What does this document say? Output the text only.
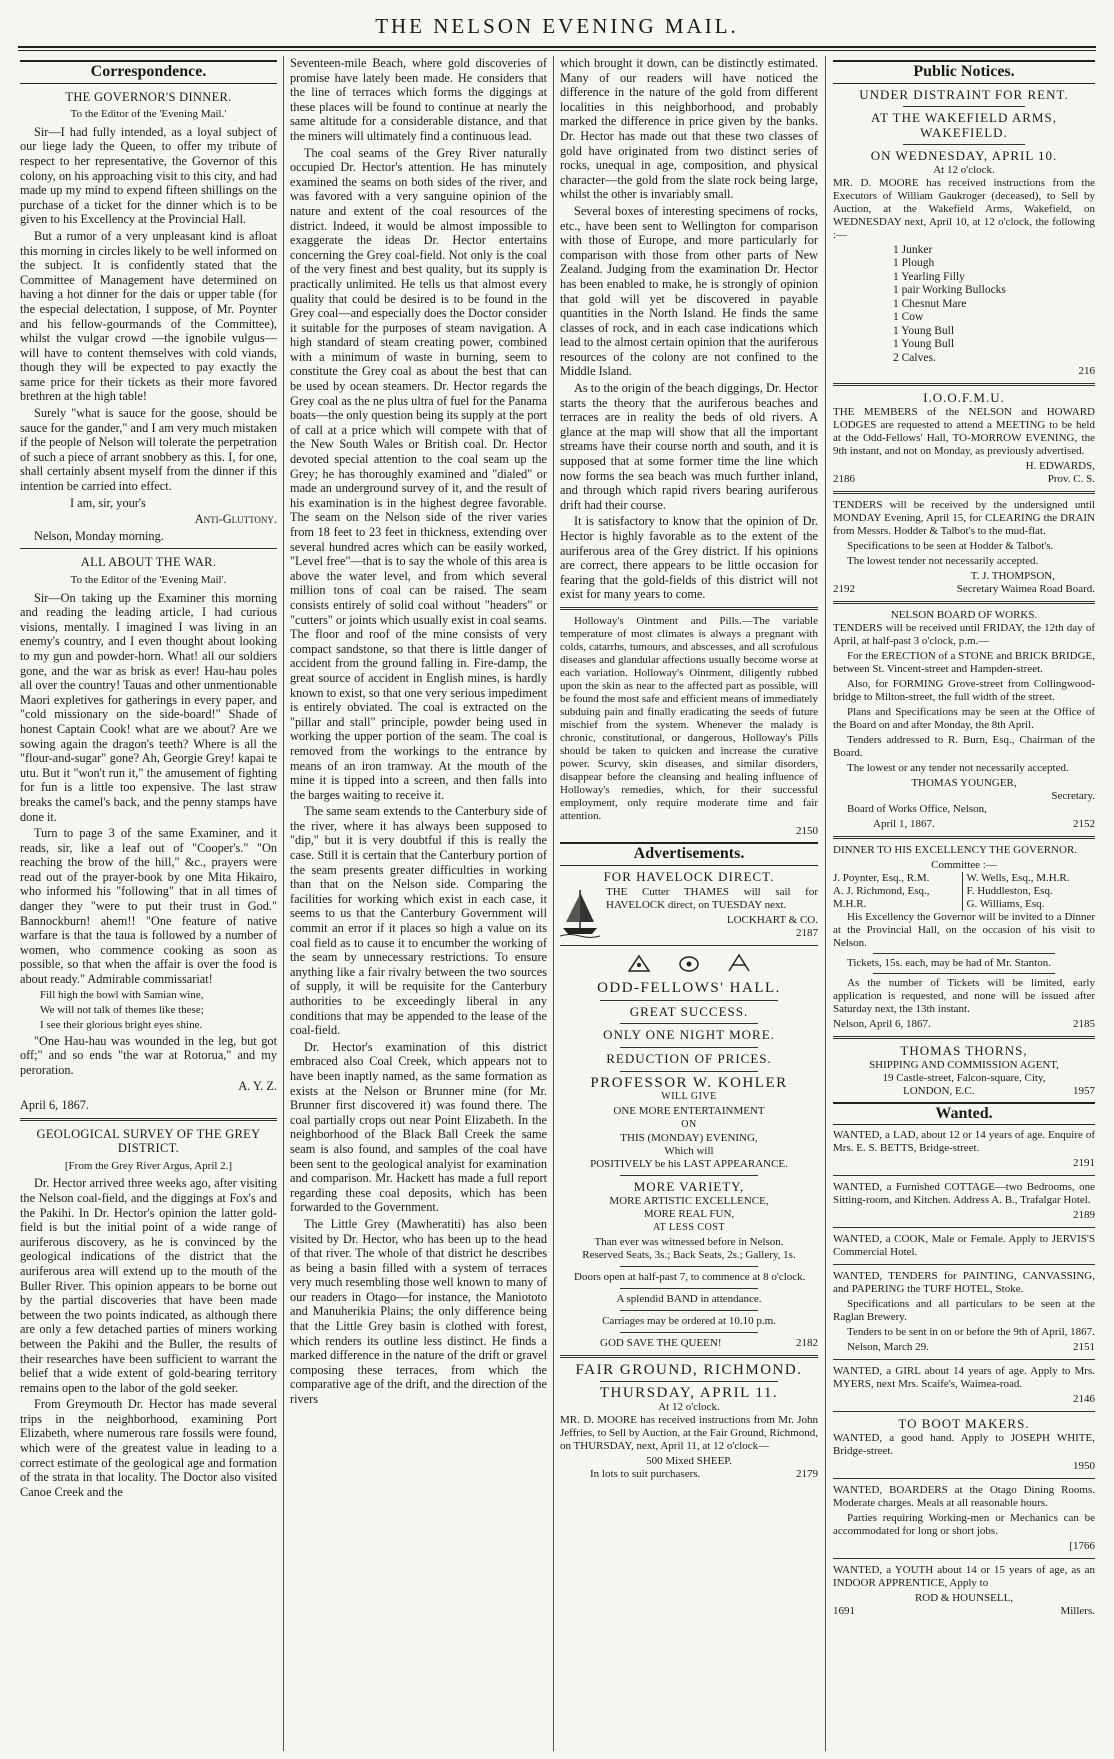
THE NELSON EVENING MAIL.
Correspondence.
THE GOVERNOR'S DINNER.
To the Editor of the 'Evening Mail.'

Sir—I had fully intended, as a loyal subject of our liege lady the Queen, to offer my tribute of respect to her representative, the Governor of this colony, on his approaching visit to this city, and had made up my mind to expend fifteen shillings on the purchase of a ticket for the dinner which is to be given to his Excellency at the Provincial Hall.

But a rumor of a very unpleasant kind is afloat this morning in circles likely to be well informed on the subject. It is confidently stated that the Committee of Management have determined on having a hot dinner for the dais or upper table (for the especial delectation, I suppose, of Mr. Poynter and his fellow-gourmands of the Committee), whilst the vulgar crowd —the ignobile vulgus—will have to content themselves with cold viands, though they will be expected to pay exactly the same price for their tickets as their more favored brethren at the high table!

Surely "what is sauce for the goose, should be sauce for the gander," and I am very much mistaken if the people of Nelson will tolerate the perpetration of such a piece of arrant snobbery as this. I, for one, shall certainly absent myself from the dinner if this intention be carried into effect.

I am, sir, your's

Anti-Gluttony.

Nelson, Monday morning.

ALL ABOUT THE WAR.
To the Editor of the 'Evening Mail'.

Sir—On taking up the Examiner this morning and reading the leading article, I had curious visions, mentally. I imagined I was living in an enemy's country, and I even thought about looking to my gun and powder-horn. What! all our soldiers gone, and the war as brisk as ever! Hau-hau poles all over the country! Tauas and other unmentionable Maori expletives for gatherings in every paper, and "cold missionary on the side-board!" Shade of honest Captain Cook! what are we about? Are we sowing again the dragon's teeth? Where is all the "flour-and-sugar" gone? Ah, Georgie Grey! kapai te utu. But it "won't run it," the amusement of fighting for fun is a little too expensive. The last straw breaks the camel's back, and the penny stamps have done it.

Turn to page 3 of the same Examiner, and it reads, sir, like a leaf out of "Cooper's." "On reaching the brow of the hill," &c., prayers were read out of the prayer-book by one Mita Hikairo, who informed his "following" that in all times of danger they "were to put their trust in God." Bannockburn! ahem!! "One feature of native warfare is that the taua is followed by a number of women, who commence cooking as soon as possible, so that when the affair is over the food is about ready." Admirable commissariat!

Fill high the bowl with Samian wine,

We will not talk of themes like these;

I see their glorious bright eyes shine.

"One Hau-hau was wounded in the leg, but got off;" and so ends "the war at Rotorua," and my peroration.

A. Y. Z.

April 6, 1867.

GEOLOGICAL SURVEY OF THE GREY DISTRICT.
[From the Grey River Argus, April 2.]

Dr. Hector arrived three weeks ago, after visiting the Nelson coal-field, and the diggings at Fox's and the Pakihi. In Dr. Hector's opinion the latter gold-field is but the initial point of a wide range of auriferous discovery, as he is convinced by the geological indications of the district that the auriferous area will extend up to the mouth of the Buller River. This opinion appears to be borne out by the partial discoveries that have been made between the two points indicated, as although there are only a few detached parties of miners working between the Pakihi and the Buller, the results of their researches have been sufficient to warrant the belief that a wide extent of gold-bearing territory remains open to the labor of the gold seeker.

From Greymouth Dr. Hector has made several trips in the neighborhood, examining Port Elizabeth, where numerous rare fossils were found, which were of the greatest value in leading to a correct estimate of the geological age and formation of the strata in that locality. The Doctor also visited Canoe Creek and the

Seventeen-mile Beach, where gold discoveries of promise have lately been made. He considers that the line of terraces which forms the diggings at these places will be found to continue at nearly the same altitude for a considerable distance, and that the miners will ultimately find a continuous lead.

The coal seams of the Grey River naturally occupied Dr. Hector's attention. He has minutely examined the seams on both sides of the river, and was favored with a very sanguine opinion of the nature and extent of the coal resources of the district. Indeed, it would be almost impossible to exaggerate the ideas Dr. Hector entertains concerning the Grey coal-field. Not only is the coal of the very finest and best quality, but its supply is practically unlimited. He tells us that almost every quality that could be desired is to be found in the Grey coal—and especially does the Doctor consider it suitable for the purposes of steam navigation. A high standard of steam creating power, combined with a minimum of waste in burning, seem to constitute the Grey coal as about the best that can be used by ocean steamers. Dr. Hector regards the Grey coal as the ne plus ultra of fuel for the Panama boats—the only question being its supply at the port of call at a price which will compete with that of the New South Wales or British coal. Dr. Hector devoted special attention to the coal seam up the Grey; he has thoroughly examined and "dialed" or made an underground survey of it, and the result of his examination is in the highest degree favorable. The seam on the Nelson side of the river varies from 18 feet to 23 feet in thickness, extending over several hundred acres which can be easily worked, "Level free"—that is to say the whole of this area is above the water level, and from which several million tons of coal can be raised. The seam consists entirely of solid coal without "headers" or "cutters" or joints which usually exist in coal seams. The floor and roof of the mine consists of very compact sandstone, so that there is little danger of accident from the ground falling in. Fire-damp, the great source of accident in English mines, is hardly known to exist, so that one very serious impediment is entirely obviated. The coal is extracted on the "pillar and stall" principle, powder being used in working the upper portion of the seam. The coal is removed from the workings to the entrance by means of an iron tramway. At the mouth of the mine it is tipped into a screen, and then falls into the barges waiting to receive it.

The same seam extends to the Canterbury side of the river, where it has always been supposed to "dip," but it is very doubtful if this is really the case. Still it is certain that the Canterbury portion of the seam presents greater difficulties in working than that on the Nelson side. Comparing the facilities for working which exist in each case, it seems to us that the Canterbury Government will commit an error if it places so high a value on its coal field as to cause it to encumber the working of the seam by unnecessary restrictions. To ensure anything like a fair rivalry between the two sources of supply, it will be requisite for the Canterbury authorities to be exceedingly liberal in any conditions that may be appended to the lease of the coal-field.

Dr. Hector's examination of this district embraced also Coal Creek, which appears not to have been inaptly named, as the same formation as exists at the Nelson or Brunner mine (for Mr. Brunner first discovered it) was found there. The coal partially crops out near Point Elizabeth. In the neighborhood of the Black Ball Creek the same seam is also found, and samples of the coal have been sent to the geological analyist for examination and comparison. Mr. Hackett has made a full report regarding these coal deposits, which has been forwarded to the Government.

The Little Grey (Mawheratiti) has also been visited by Dr. Hector, who has been up to the head of that river. The whole of that district he describes as being a basin filled with a system of terraces very much resembling those well known to many of our readers in Otago—for instance, the Maniototo and Manuherikia Plains; the only difference being that the Little Grey basin is clothed with forest, which renders its outline less distinct. He finds a marked difference in the nature of the drift or gravel composing these terraces, from which the comparative age of the drift, and the direction of the rivers

which brought it down, can be distinctly estimated. Many of our readers will have noticed the difference in the nature of the gold from different localities in this neighborhood, and probably marked the difference in price given by the banks. Dr. Hector has made out that these two classes of gold have originated from two distinct series of rocks, unequal in age, composition, and physical character—the gold from the slate rock being large, whilst the other is invariably small.

Several boxes of interesting specimens of rocks, etc., have been sent to Wellington for comparison with those of Europe, and more particularly for comparison with those from other parts of New Zealand. Judging from the examination Dr. Hector has been enabled to make, he is strongly of opinion that gold will yet be discovered in payable quantities in the North Island. He finds the same classes of rock, and in each case indications which lead to the almost certain opinion that the auriferous resources of the colony are not confined to the Middle Island.

As to the origin of the beach diggings, Dr. Hector starts the theory that the auriferous beaches and terraces are in reality the beds of old rivers. A glance at the map will show that all the important streams have their course north and south, and it is supposed that at some former time the line which now forms the sea beach was much further inland, and through which rapid rivers bearing auriferous drift had their course.

It is satisfactory to know that the opinion of Dr. Hector is highly favorable as to the extent of the auriferous area of the Grey district. If his opinions are correct, there appears to be little occasion for fearing that the gold-fields of this district will not exist for many years to come.

Holloway's Ointment and Pills.—The variable temperature of most climates is always a pregnant with colds, catarrhs, tumours, and abscesses, and all scrofulous diseases and glandular affections usually become worse at each variation. Holloway's Ointment, diligently rubbed upon the skin as near to the affected part as possible, will be found the most safe and efficient means of immediately subduing pain and finally eradicating the seeds of future mischief from the system. Whenever the malady is chronic, constitutional, or dangerous, Holloway's Pills should be taken to quicken and increase the curative power. Scurvy, skin diseases, and similar disorders, disappear before the cleansing and healing influence of Holloway's remedies, which, for their successful employment, only require moderate time and fair attention.

2150
Advertisements.
FOR HAVELOCK DIRECT.

THE Cutter THAMES will sail for HAVELOCK direct, on TUESDAY next.

LOCKHART & CO.
2187
ODD-FELLOWS' HALL.
GREAT SUCCESS.
ONLY ONE NIGHT MORE.
REDUCTION OF PRICES.
PROFESSOR W. KOHLER
WILL GIVE
ONE MORE ENTERTAINMENT
ON
THIS (MONDAY) EVENING,
Which will
POSITIVELY be his LAST APPEARANCE.
MORE VARIETY,
MORE ARTISTIC EXCELLENCE,
MORE REAL FUN,
AT LESS COST
Than ever was witnessed before in Nelson.
Reserved Seats, 3s.; Back Seats, 2s.; Gallery, 1s.

Doors open at half-past 7, to commence at 8 o'clock.

A splendid BAND in attendance.
Carriages may be ordered at 10.10 p.m.
GOD SAVE THE QUEEN!	2182
FAIR GROUND, RICHMOND.
THURSDAY, APRIL 11.
At 12 o'clock.

MR. D. MOORE has received instructions from Mr. John Jeffries, to Sell by Auction, at the Fair Ground, Richmond, on THURSDAY, next, April 11, at 12 o'clock—

500 Mixed SHEEP.
In lots to suit purchasers.	2179
Public Notices.
UNDER DISTRAINT FOR RENT.
AT THE WAKEFIELD ARMS,
WAKEFIELD.
ON WEDNESDAY, APRIL 10.
At 12 o'clock.

MR. D. MOORE has received instructions from the Executors of William Gaukroger (deceased), to Sell by Auction, at the Wakefield Arms, Wakefield, on WEDNESDAY next, April 10, at 12 o'clock, the following :—

1 Junker
1 Plough
1 Yearling Filly
1 pair Working Bullocks
1 Chesnut Mare
1 Cow
1 Young Bull
1 Young Bull
2 Calves.
216
I.O.O.F.M.U.

THE MEMBERS of the NELSON and HOWARD LODGES are requested to attend a MEETING to be held at the Odd-Fellows' Hall, TO-MORROW EVENING, the 9th instant, and not on Monday, as previously advertised.

H. EDWARDS,
2186	Prov. C. S.

TENDERS will be received by the undersigned until MONDAY Evening, April 15, for CLEARING the DRAIN from Messrs. Hodder & Talbot's to the mud-flat.

Specifications to be seen at Hodder & Talbot's.

The lowest tender not necessarily accepted.

T. J. THOMPSON,
2192	Secretary Waimea Road Board.
NELSON BOARD OF WORKS.

TENDERS will be received until FRIDAY, the 12th day of April, at half-past 3 o'clock, p.m.—

For the ERECTION of a STONE and BRICK BRIDGE, between St. Vincent-street and Hampden-street.

Also, for FORMING Grove-street from Collingwood-bridge to Milton-street, the full width of the street.

Plans and Specifications may be seen at the Office of the Board on and after Monday, the 8th April.

Tenders addressed to R. Burn, Esq., Chairman of the Board.

The lowest or any tender not necessarily accepted.

THOMAS YOUNGER,
Secretary.

Board of Works Office, Nelson,

April 1, 1867.	2152

DINNER TO HIS EXCELLENCY THE GOVERNOR.

Committee :—
J. Poynter, Esq., R.M.
A. J. Richmond, Esq.,
M.H.R.
W. Wells, Esq., M.H.R.
F. Huddleston, Esq.
G. Williams, Esq.

His Excellency the Governor will be invited to a Dinner at the Provincial Hall, on the occasion of his visit to Nelson.

Tickets, 15s. each, may be had of Mr. Stanton.

As the number of Tickets will be limited, early application is requested, and none will be issued after Saturday next, the 13th instant.

Nelson, April 6, 1867.	2185
THOMAS THORNS,
SHIPPING AND COMMISSION AGENT,
19 Castle-street, Falcon-square, City,
LONDON, E.C.	1957
Wanted.

WANTED, a LAD, about 12 or 14 years of age. Enquire of Mrs. E. S. BETTS, Bridge-street.

2191

WANTED, a Furnished COTTAGE—two Bedrooms, one Sitting-room, and Kitchen. Address A. B., Trafalgar Hotel.

2189

WANTED, a COOK, Male or Female. Apply to JERVIS'S Commercial Hotel.

WANTED, TENDERS for PAINTING, CANVASSING, and PAPERING the TURF HOTEL, Stoke.

Specifications and all particulars to be seen at the Raglan Brewery.

Tenders to be sent in on or before the 9th of April, 1867.

Nelson, March 29.	2151

WANTED, a GIRL about 14 years of age. Apply to Mrs. MYERS, next Mrs. Scaife's, Waimea-road.

2146
TO BOOT MAKERS.

WANTED, a good hand. Apply to JOSEPH WHITE, Bridge-street.

1950

WANTED, BOARDERS at the Otago Dining Rooms. Moderate charges. Meals at all reasonable hours.

Parties requiring Working-men or Mechanics can be accommodated for long or short jobs.

[1766

WANTED, a YOUTH about 14 or 15 years of age, as an INDOOR APPRENTICE, Apply to

ROD & HOUNSELL,
1691	Millers.
